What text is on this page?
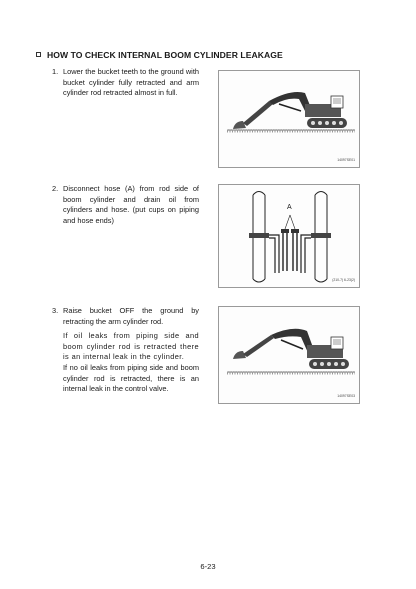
HOW TO CHECK INTERNAL BOOM CYLINDER LEAKAGE
1. Lower the bucket teeth to the ground with bucket cylinder fully retracted and arm cylinder rod retracted almost in full.

14097SE01
2. Disconnect hose (A) from rod side of boom cylinder and drain oil from cylinders and hose. (put cups on piping and hose ends)

A
(210-7) 6-23(2)
3. Raise bucket OFF the ground by retracting the arm cylinder rod.

If oil leaks from piping side and boom cylinder rod is retracted there is an internal leak in the cylinder.

If no oil leaks from piping side and boom cylinder rod is retracted, there is an internal leak in the control valve.

14097SE03
6-23
